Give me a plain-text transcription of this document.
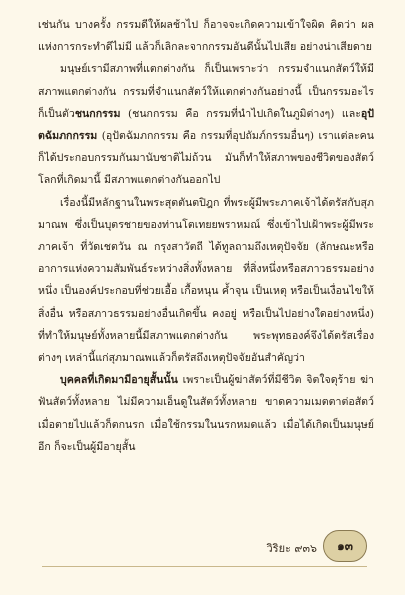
เช่นกัน บางครั้ง กรรมดีให้ผลช้าไป ก็อาจจะเกิดความเข้าใจผิด คิดว่า ผลแห่งการกระทำดีไม่มี แล้วก็เลิกละจากกรรมอันดีนั้นไปเสีย อย่างน่าเสียดาย

มนุษย์เรามีสภาพที่แตกต่างกัน ก็เป็นเพราะว่า กรรมจำแนกสัตว์ให้มีสภาพแตกต่างกัน กรรมที่จำแนกสัตว์ให้แตกต่างกันอย่างนี้ เป็นกรรมอะไร ก็เป็นตัวชนกกรรม (ชนกกรรม คือ กรรมที่นำไปเกิดในภูมิต่างๆ) และอุปัตฉัมภกกรรม (อุปัตฉัมภกกรรม คือ กรรมที่อุปถัมภ์กรรมอื่นๆ) เราแต่ละคนก็ได้ประกอบกรรมกันมานับชาติไม่ถ้วน มันก็ทำให้สภาพของชีวิตของสัตว์โลกที่เกิดมานี้ มีสภาพแตกต่างกันออกไป

เรื่องนี้มีหลักฐานในพระสุตตันตปิฎก ที่พระผู้มีพระภาคเจ้าได้ตรัสกับสุภมาณพ ซึ่งเป็นบุตรชายของท่านโตเทยยพราหมณ์ ซึ่งเข้าไปเฝ้าพระผู้มีพระภาคเจ้า ที่วัดเชตวัน ณ กรุงสาวัตถี ได้ทูลถามถึงเหตุปัจจัย (ลักษณะหรืออาการแห่งความสัมพันธ์ระหว่างสิ่งทั้งหลาย ที่สิ่งหนึ่งหรือสภาวธรรมอย่างหนึ่ง เป็นองค์ประกอบที่ช่วยเอื้อ เกื้อหนุน ค้ำจุน เป็นเหตุ หรือเป็นเงื่อนไขให้สิ่งอื่น หรือสภาวธรรมอย่างอื่นเกิดขึ้น คงอยู่ หรือเป็นไปอย่างใดอย่างหนึ่ง) ที่ทำให้มนุษย์ทั้งหลายนี้มีสภาพแตกต่างกัน พระพุทธองค์จึงได้ตรัสเรื่องต่างๆ เหล่านี้แก่สุภมาณพแล้วก็ตรัสถึงเหตุปัจจัยอันสำคัญว่า

บุคคลที่เกิดมามีอายุสั้นนั้น เพราะเป็นผู้ฆ่าสัตว์ที่มีชีวิต จิตใจดุร้าย ฆ่าฟันสัตว์ทั้งหลาย ไม่มีความเอ็นดูในสัตว์ทั้งหลาย ขาดความเมตตาต่อสัตว์ เมื่อตายไปแล้วก็ตกนรก เมื่อใช้กรรมในนรกหมดแล้ว เมื่อได้เกิดเป็นมนุษย์อีก ก็จะเป็นผู้มีอายุสั้น

วิริยะ ๙๓๖ ๑๓
